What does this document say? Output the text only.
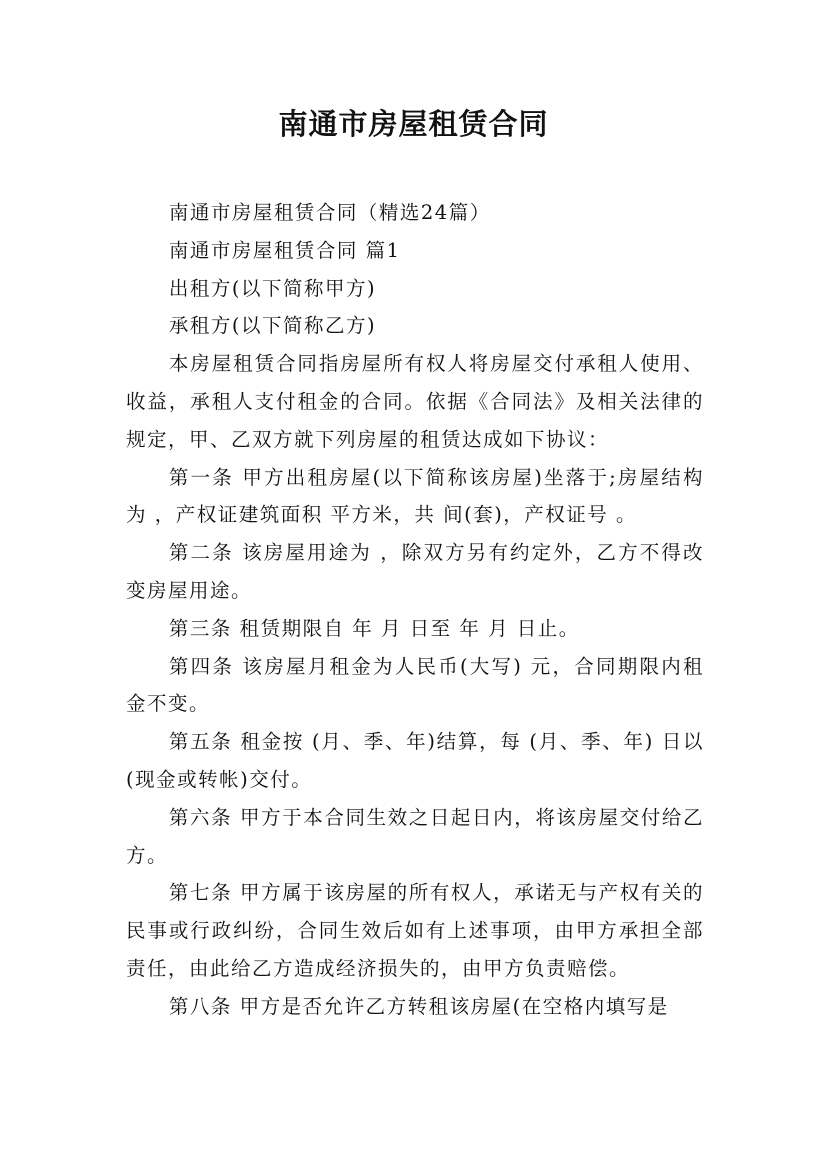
南通市房屋租赁合同

南通市房屋租赁合同（精选24篇）

南通市房屋租赁合同 篇1

出租方(以下简称甲方)

承租方(以下简称乙方)

本房屋租赁合同指房屋所有权人将房屋交付承租人使用、收益，承租人支付租金的合同。依据《合同法》及相关法律的规定，甲、乙双方就下列房屋的租赁达成如下协议：

第一条 甲方出租房屋(以下简称该房屋)坐落于;房屋结构为 ，产权证建筑面积 平方米，共 间(套)，产权证号 。

第二条 该房屋用途为 ，除双方另有约定外，乙方不得改变房屋用途。

第三条 租赁期限自 年 月 日至 年 月 日止。

第四条 该房屋月租金为人民币(大写) 元，合同期限内租金不变。

第五条 租金按 (月、季、年)结算，每 (月、季、年) 日以 (现金或转帐)交付。

第六条 甲方于本合同生效之日起日内，将该房屋交付给乙方。

第七条 甲方属于该房屋的所有权人，承诺无与产权有关的民事或行政纠纷，合同生效后如有上述事项，由甲方承担全部责任，由此给乙方造成经济损失的，由甲方负责赔偿。

第八条 甲方是否允许乙方转租该房屋(在空格内填写是
